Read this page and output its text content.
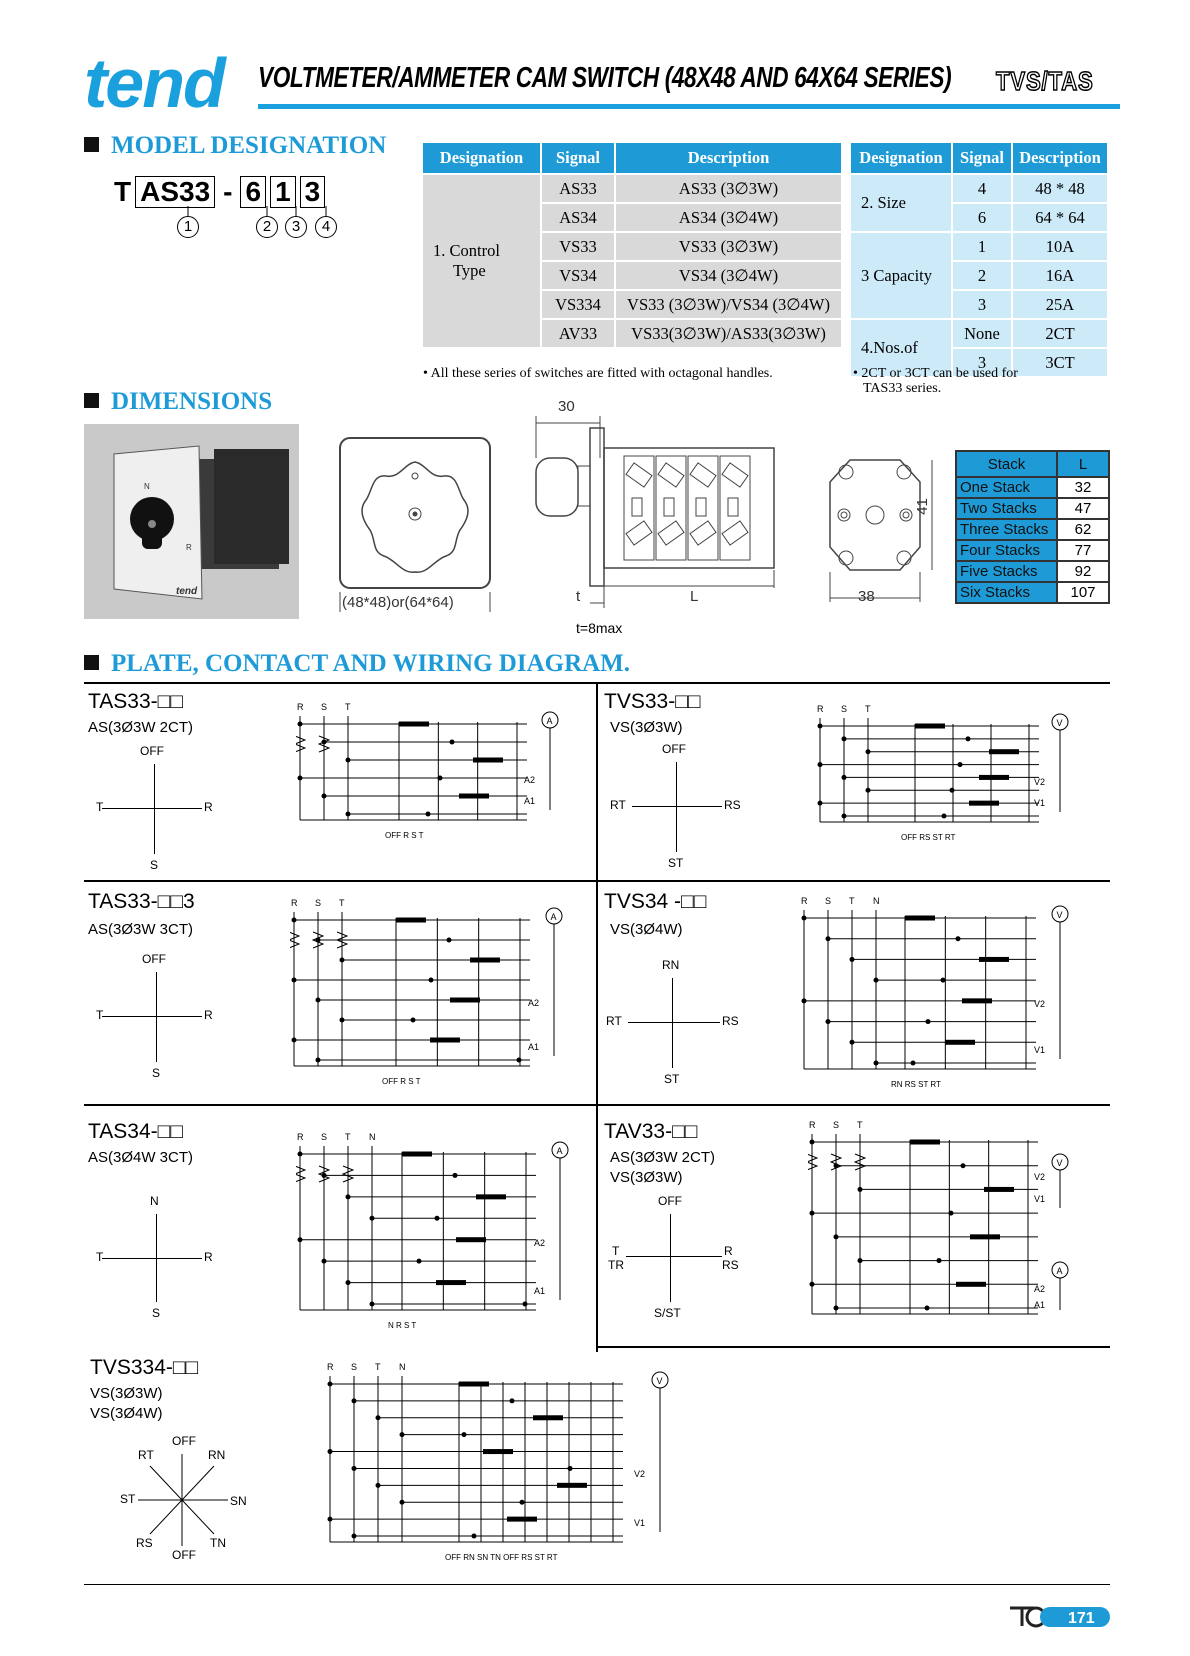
tend VOLTMETER/AMMETER CAM SWITCH (48X48 AND 64X64 SERIES) TVS/TAS
MODEL DESIGNATION
T AS33 - 6 1 3
1	2	3	4
Designation	Signal	Description

1. Control
Type	AS33	AS33 (3∅3W)
	AS34	AS34 (3∅4W)
	VS33	VS33 (3∅3W)
	VS34	VS34 (3∅4W)
	VS334	VS33 (3∅3W)/VS34 (3∅4W)
	AV33	VS33(3∅3W)/AS33(3∅3W)
• All these series of switches are fitted with octagonal handles.
Designation	Signal	Description
2. Size	4	48 * 48
	6	64 * 64
3 Capacity	1	10A
	2	16A
	3	25A
4.Nos.of	None	2CT
	3	3CT
• 2CT or 3CT can be used for
TAS33 series.
DIMENSIONS
N
R
tend
(48*48)or(64*64)
30
t	L
t=8max
41
38
Stack	L
One Stack	32
Two Stacks	47
Three Stacks	62
Four Stacks	77
Five Stacks	92
Six Stacks	107
PLATE, CONTACT AND WIRING DIAGRAM.
TAS33-□□
AS(3Ø3W 2CT)
OFF
T	R
S
R S T
A
A2
A1
OFF R S T
TVS33-□□
VS(3Ø3W)
OFF
RT	RS
ST
R S T
V
V2
V1
OFF RS ST RT
TAS33-□□3
AS(3Ø3W 3CT)
OFF
T	R
S
R S T
A
A2
A1
OFF R S T
TVS34 -□□
VS(3Ø4W)
RN
RT	RS
ST
R S T N
V
V2
V1
RN RS ST RT
TAS34-□□
AS(3Ø4W 3CT)
N
T	R
S
R S T N
A
A2
A1
N R S T
TAV33-□□
AS(3Ø3W 2CT)
VS(3Ø3W)
OFF
T
TR
R
RS
S/ST
R S T
V
A
V2
V1
A2
A1
TVS334-□□
VS(3Ø3W)
VS(3Ø4W)
OFF
RT	RN
ST	SN
RS	TN
OFF
R S T N
V
V2
V1
OFF RN SN TN OFF RS ST RT
171
